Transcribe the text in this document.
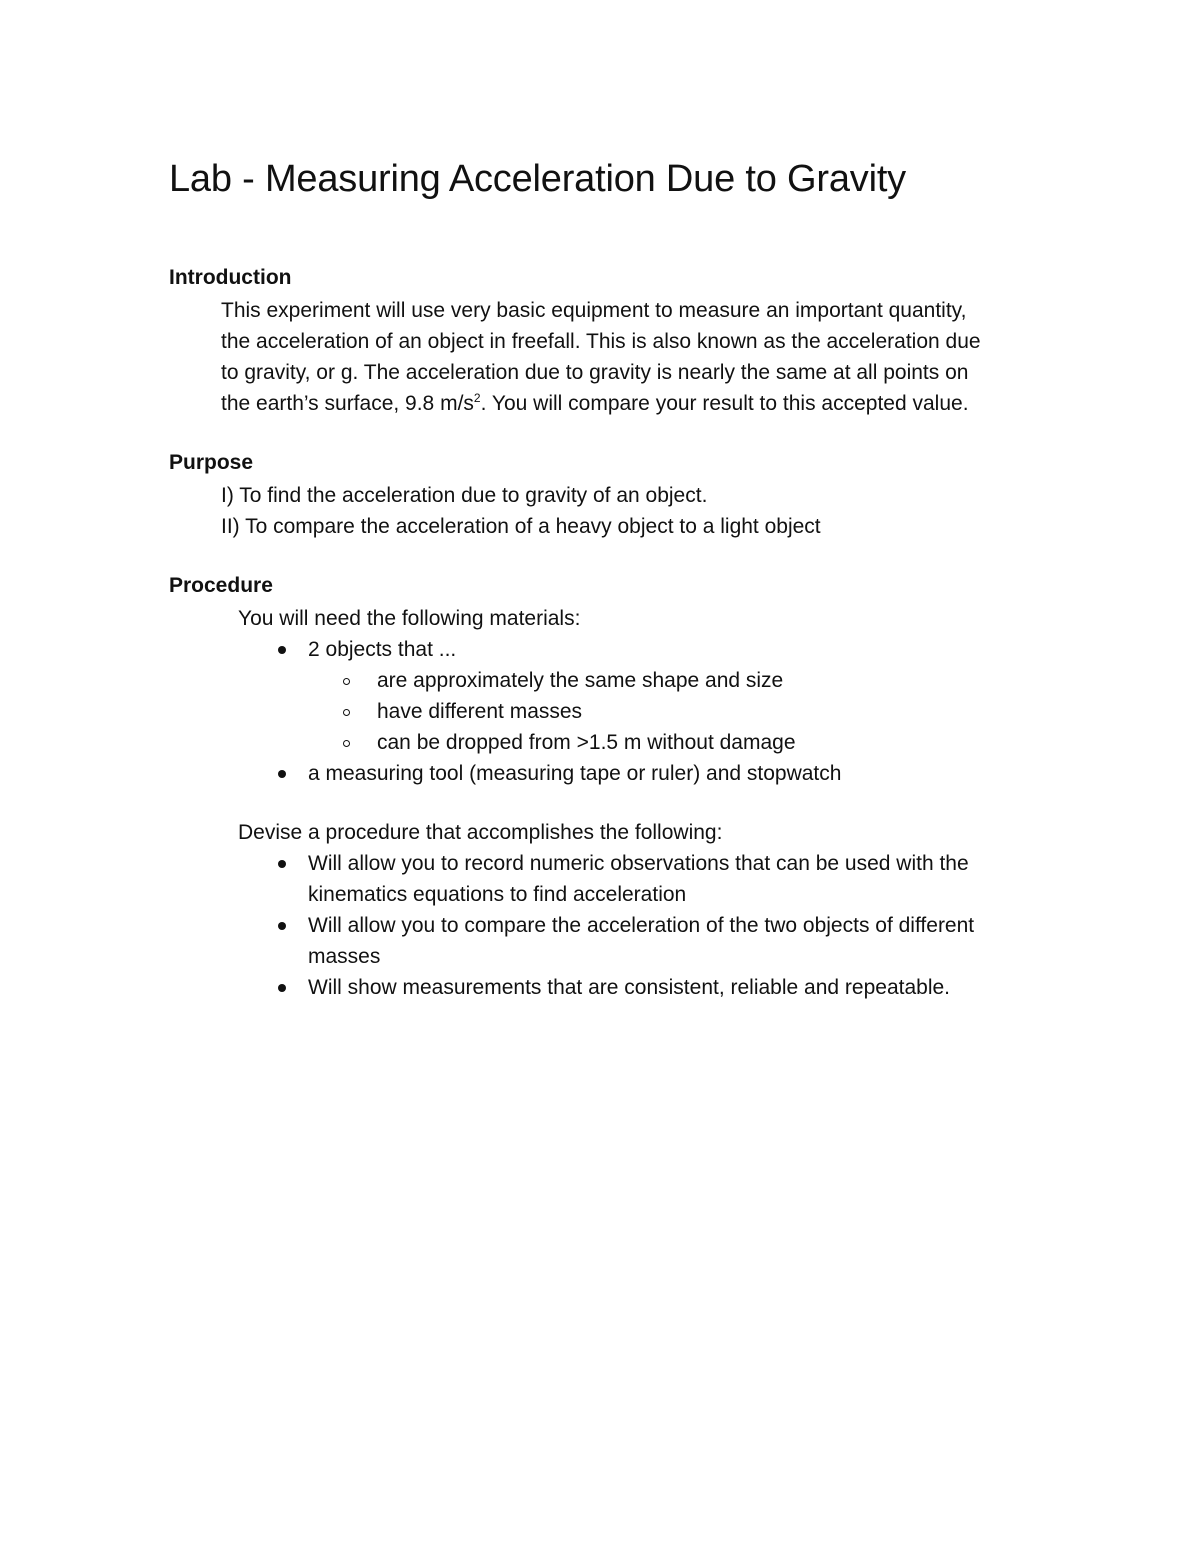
Lab - Measuring Acceleration Due to Gravity
Introduction

This experiment will use very basic equipment to measure an important quantity,
the acceleration of an object in freefall. This is also known as the acceleration due
to gravity, or g. The acceleration due to gravity is nearly the same at all points on
the earth’s surface, 9.8 $m/s^2$. You will compare your result to this accepted value.

Purpose
I) To find the acceleration due to gravity of an object.
II) To compare the acceleration of a heavy object to a light object
Procedure

You will need the following materials:

2 objects that ...
are approximately the same shape and size
have different masses
can be dropped from >1.5 m without damage
a measuring tool (measuring tape or ruler) and stopwatch

Devise a procedure that accomplishes the following:

Will allow you to record numeric observations that can be used with the
kinematics equations to find acceleration
Will allow you to compare the acceleration of the two objects of different
masses
Will show measurements that are consistent, reliable and repeatable.
